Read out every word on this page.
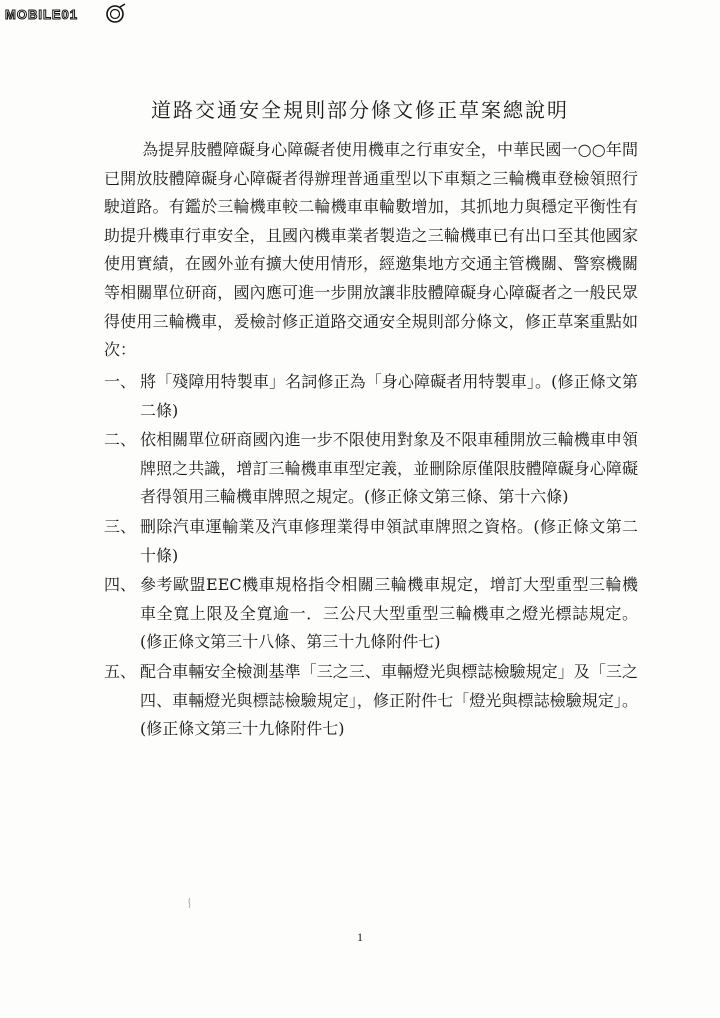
MOBILE01
道路交通安全規則部分條文修正草案總說明

為提昇肢體障礙身心障礙者使用機車之行車安全，中華民國一○○年間已開放肢體障礙身心障礙者得辦理普通重型以下車類之三輪機車登檢領照行駛道路。有鑑於三輪機車較二輪機車車輪數增加，其抓地力與穩定平衡性有助提升機車行車安全，且國內機車業者製造之三輪機車已有出口至其他國家使用實績，在國外並有擴大使用情形，經邀集地方交通主管機關、警察機關等相關單位研商，國內應可進一步開放讓非肢體障礙身心障礙者之一般民眾得使用三輪機車，爰檢討修正道路交通安全規則部分條文，修正草案重點如次：

一、 將「殘障用特製車」名詞修正為「身心障礙者用特製車」。(修正條文第二條)
二、 依相關單位研商國內進一步不限使用對象及不限車種開放三輪機車申領牌照之共識，增訂三輪機車車型定義，並刪除原僅限肢體障礙身心障礙者得領用三輪機車牌照之規定。(修正條文第三條、第十六條)
三、 刪除汽車運輸業及汽車修理業得申領試車牌照之資格。(修正條文第二十條)
四、 參考歐盟EEC機車規格指令相關三輪機車規定，增訂大型重型三輪機車全寬上限及全寬逾一．三公尺大型重型三輪機車之燈光標誌規定。(修正條文第三十八條、第三十九條附件七)
五、 配合車輛安全檢測基準「三之三、車輛燈光與標誌檢驗規定」及「三之四、車輛燈光與標誌檢驗規定」，修正附件七「燈光與標誌檢驗規定」。(修正條文第三十九條附件七)
1
